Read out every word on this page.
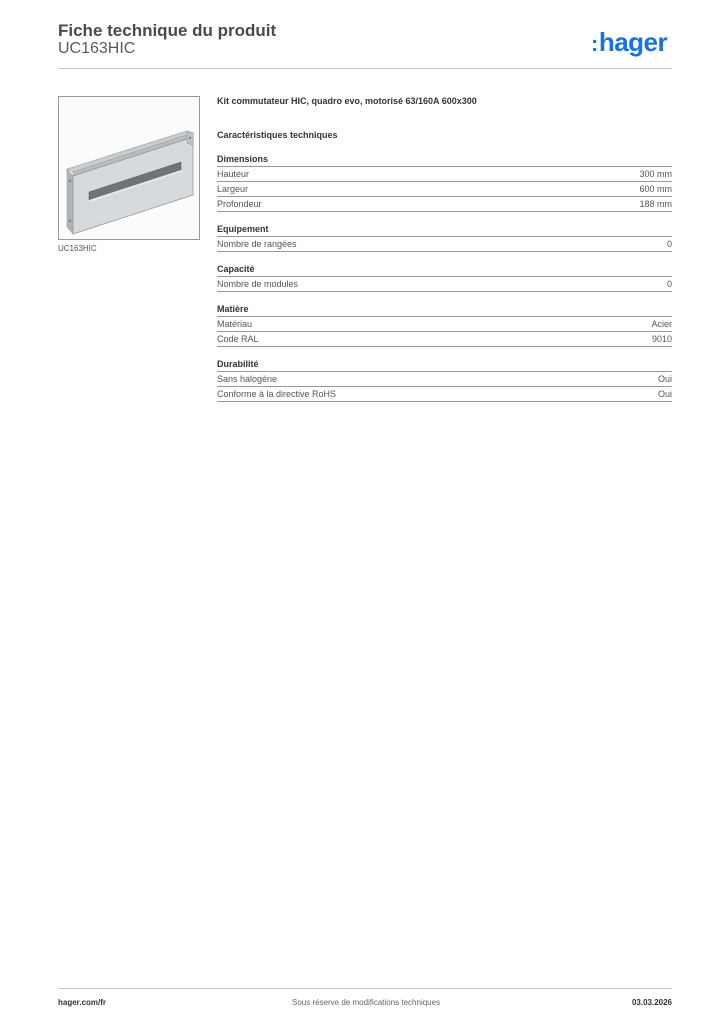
Fiche technique du produit
UC163HIC	:hager
UC163HIC
Kit commutateur HIC, quadro evo, motorisé 63/160A 600x300
Caractéristiques techniques
Dimensions
Hauteur	300 mm
Largeur	600 mm
Profondeur	188 mm
Equipement
Nombre de rangées	0
Capacité
Nombre de modules	0
Matière
Matériau	Acier
Code RAL	9010
Durabilité
Sans halogène	Oui
Conforme à la directive RoHS	Oui
hager.com/fr	Sous réserve de modifications techniques	03.03.2026
